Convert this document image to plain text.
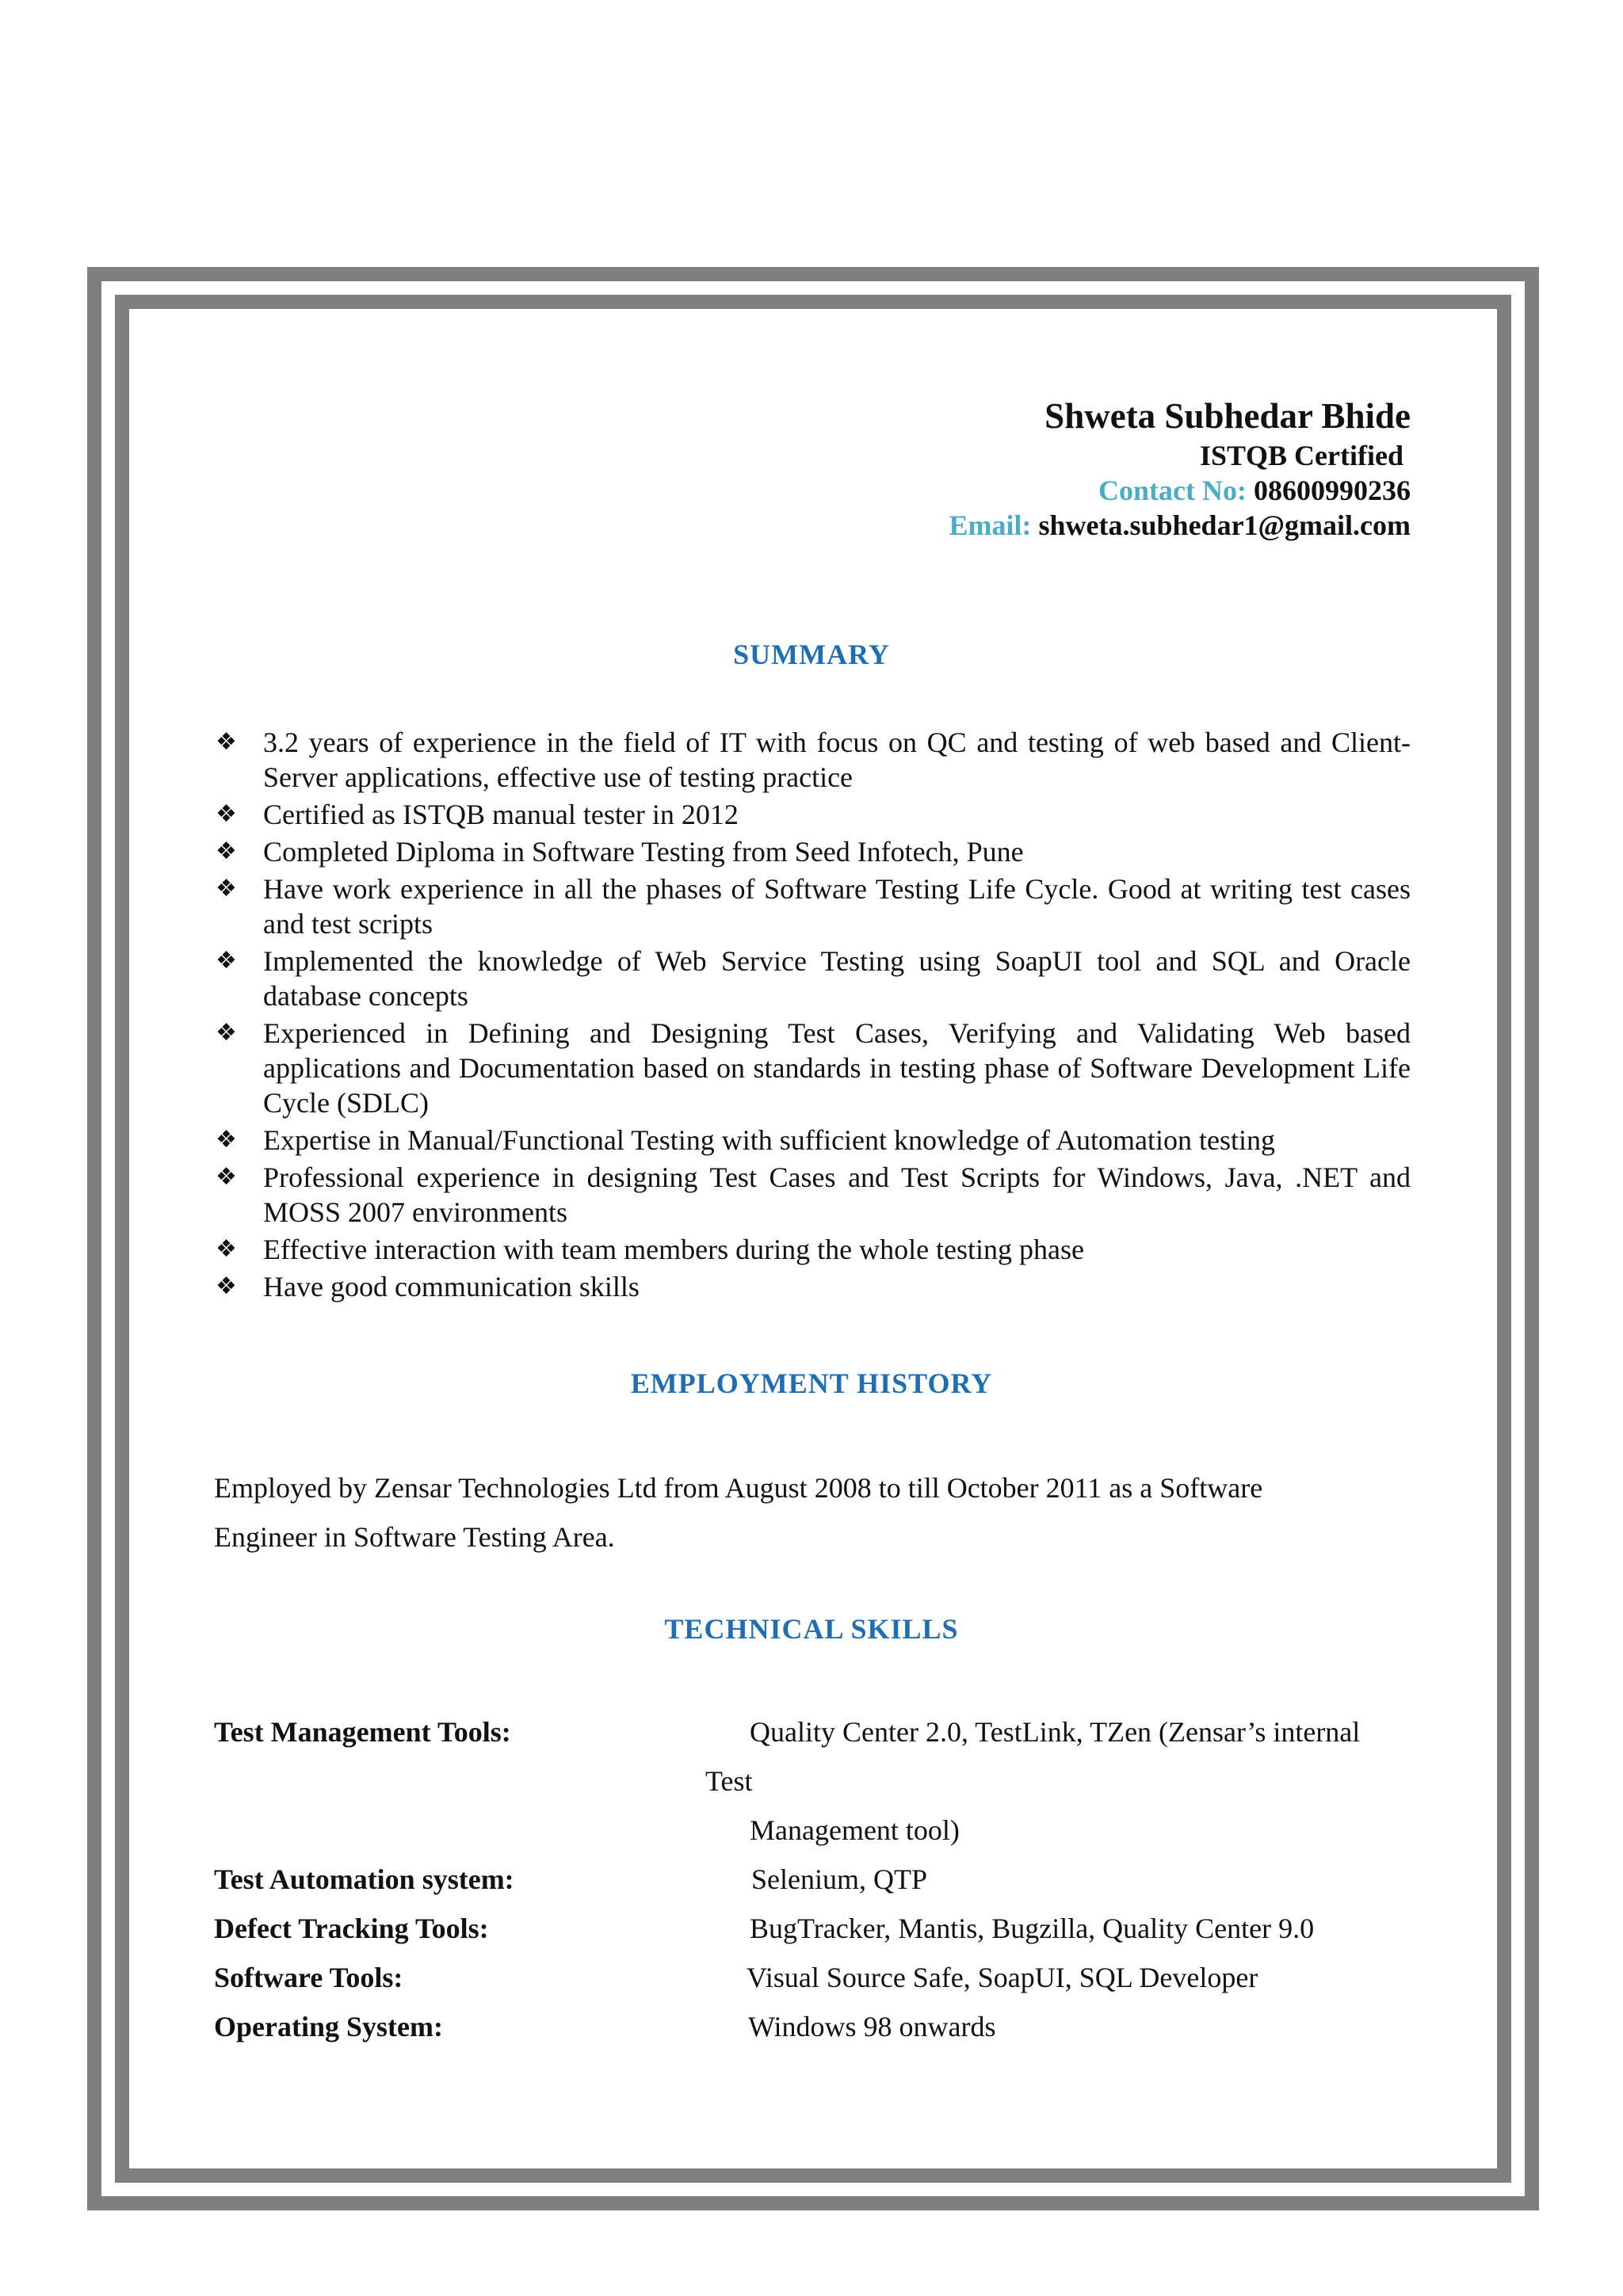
Shweta Subhedar Bhide
ISTQB Certified
Contact No: 08600990236
Email: shweta.subhedar1@gmail.com
SUMMARY
❖ 3.2 years of experience in the field of IT with focus on QC and testing of web based and Client-Server applications, effective use of testing practice
❖ Certified as ISTQB manual tester in 2012
❖ Completed Diploma in Software Testing from Seed Infotech, Pune
❖ Have work experience in all the phases of Software Testing Life Cycle. Good at writing test cases and test scripts
❖ Implemented the knowledge of Web Service Testing using SoapUI tool and SQL and Oracle database concepts
❖ Experienced in Defining and Designing Test Cases, Verifying and Validating Web based applications and Documentation based on standards in testing phase of Software Development Life Cycle (SDLC)
❖ Expertise in Manual/Functional Testing with sufficient knowledge of Automation testing
❖ Professional experience in designing Test Cases and Test Scripts for Windows, Java, .NET and MOSS 2007 environments
❖ Effective interaction with team members during the whole testing phase
❖ Have good communication skills
EMPLOYMENT HISTORY
Employed by Zensar Technologies Ltd from August 2008 to till October 2011 as a Software
Engineer in Software Testing Area.
TECHNICAL SKILLS
Test Management Tools:	Quality Center 2.0, TestLink, TZen (Zensar’s internal
Test
Management tool)
Test Automation system:	Selenium, QTP
Defect Tracking Tools:	BugTracker, Mantis, Bugzilla, Quality Center 9.0
Software Tools:	Visual Source Safe, SoapUI, SQL Developer
Operating System:	Windows 98 onwards
